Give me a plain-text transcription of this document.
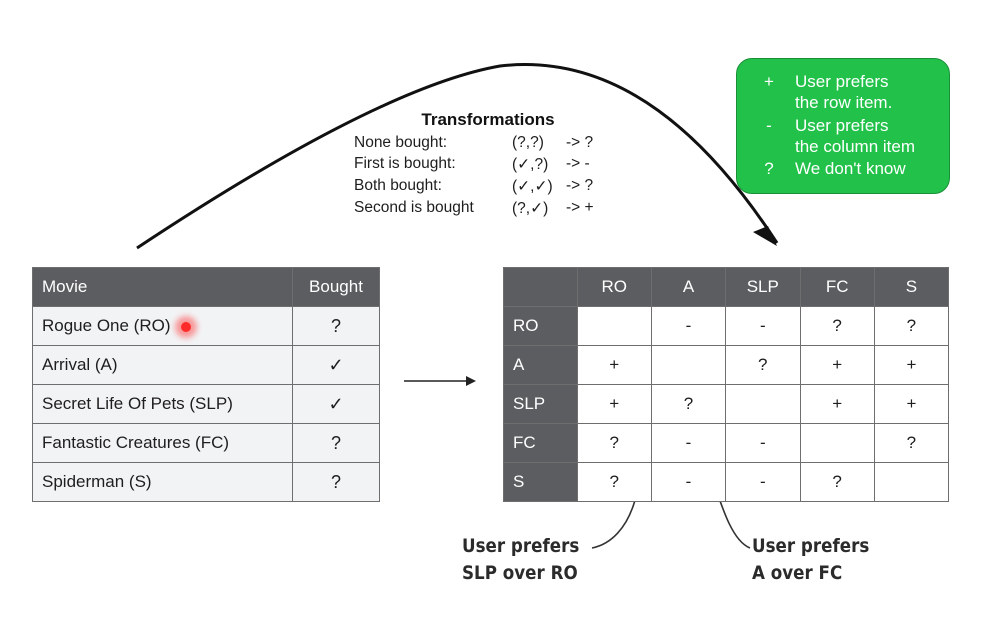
Transformations
None bought:	(?,?) -> ?
First is bought:	(✓,?) -> -
Both bought:	(✓,✓) -> ?
Second is bought (?,✓) -> +
+ User prefers
the row item.
- User prefers
the column item
? We don't know
Movie	Bought
Rogue One (RO)	?
Arrival (A)	✓
Secret Life Of Pets (SLP)	✓
Fantastic Creatures (FC)	?
Spiderman (S)	?
	RO	A	SLP	FC	S
RO		-	-	?	?
A	+		?	+	+
SLP	+	?		+	+
FC	?	-	-		?
S	?	-	-	?	
User prefers
SLP over RO
User prefers
A over FC
